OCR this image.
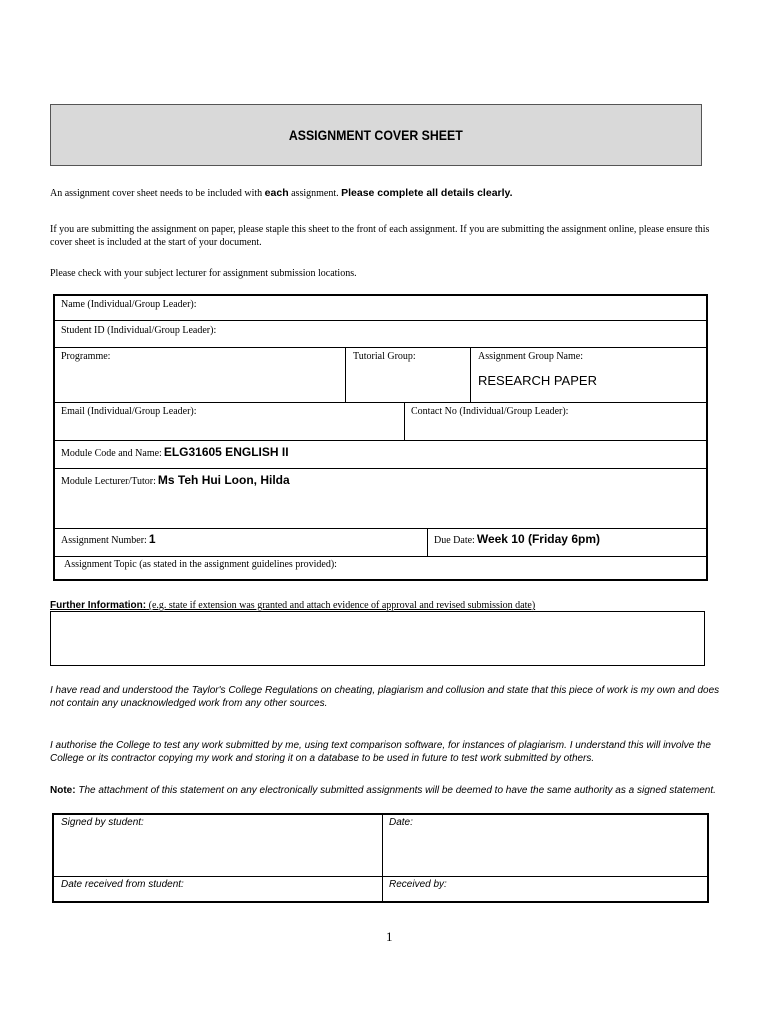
ASSIGNMENT COVER SHEET
An assignment cover sheet needs to be included with each assignment. Please complete all details clearly.
If you are submitting the assignment on paper, please staple this sheet to the front of each assignment. If you are submitting the assignment online, please ensure this cover sheet is included at the start of your document.
Please check with your subject lecturer for assignment submission locations.
Name (Individual/Group Leader):
Student ID (Individual/Group Leader):
Programme:	Tutorial Group:	Assignment Group Name:
RESEARCH PAPER
Email (Individual/Group Leader):	Contact No (Individual/Group Leader):
Module Code and Name: ELG31605 ENGLISH II
Module Lecturer/Tutor: Ms Teh Hui Loon, Hilda
Assignment Number: 1	Due Date: Week 10 (Friday 6pm)
Assignment Topic (as stated in the assignment guidelines provided):
Further Information: (e.g. state if extension was granted and attach evidence of approval and revised submission date)
I have read and understood the Taylor's College Regulations on cheating, plagiarism and collusion and state that this piece of work is my own and does not contain any unacknowledged work from any other sources.
I authorise the College to test any work submitted by me, using text comparison software, for instances of plagiarism. I understand this will involve the College or its contractor copying my work and storing it on a database to be used in future to test work submitted by others.
Note: The attachment of this statement on any electronically submitted assignments will be deemed to have the same authority as a signed statement.
Signed by student:	Date:
Date received from student:	Received by:
1
